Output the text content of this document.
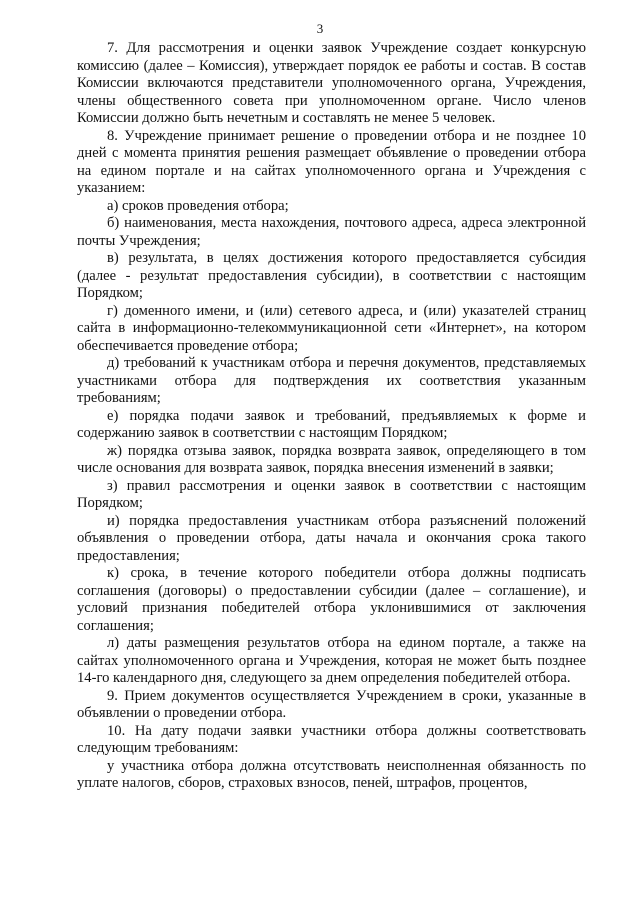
3

7. Для рассмотрения и оценки заявок Учреждение создает конкурсную комиссию (далее – Комиссия), утверждает порядок ее работы и состав. В состав Комиссии включаются представители уполномоченного органа, Учреждения, члены общественного совета при уполномоченном органе. Число членов Комиссии должно быть нечетным и составлять не менее 5 человек.

8. Учреждение принимает решение о проведении отбора и не позднее 10 дней с момента принятия решения размещает объявление о проведении отбора на едином портале и на сайтах уполномоченного органа и Учреждения с указанием:

а) сроков проведения отбора;

б) наименования, места нахождения, почтового адреса, адреса электронной почты Учреждения;

в) результата, в целях достижения которого предоставляется субсидия (далее - результат предоставления субсидии), в соответствии с настоящим Порядком;

г) доменного имени, и (или) сетевого адреса, и (или) указателей страниц сайта в информационно-телекоммуникационной сети «Интернет», на котором обеспечивается проведение отбора;

д) требований к участникам отбора и перечня документов, представляемых участниками отбора для подтверждения их соответствия указанным требованиям;

е) порядка подачи заявок и требований, предъявляемых к форме и содержанию заявок в соответствии с настоящим Порядком;

ж) порядка отзыва заявок, порядка возврата заявок, определяющего в том числе основания для возврата заявок, порядка внесения изменений в заявки;

з) правил рассмотрения и оценки заявок в соответствии с настоящим Порядком;

и) порядка предоставления участникам отбора разъяснений положений объявления о проведении отбора, даты начала и окончания срока такого предоставления;

к) срока, в течение которого победители отбора должны подписать соглашения (договоры) о предоставлении субсидии (далее – соглашение), и условий признания победителей отбора уклонившимися от заключения соглашения;

л) даты размещения результатов отбора на едином портале, а также на сайтах уполномоченного органа и Учреждения, которая не может быть позднее 14-го календарного дня, следующего за днем определения победителей отбора.

9. Прием документов осуществляется Учреждением в сроки, указанные в объявлении о проведении отбора.

10. На дату подачи заявки участники отбора должны соответствовать следующим требованиям:

у участника отбора должна отсутствовать неисполненная обязанность по уплате налогов, сборов, страховых взносов, пеней, штрафов, процентов,
